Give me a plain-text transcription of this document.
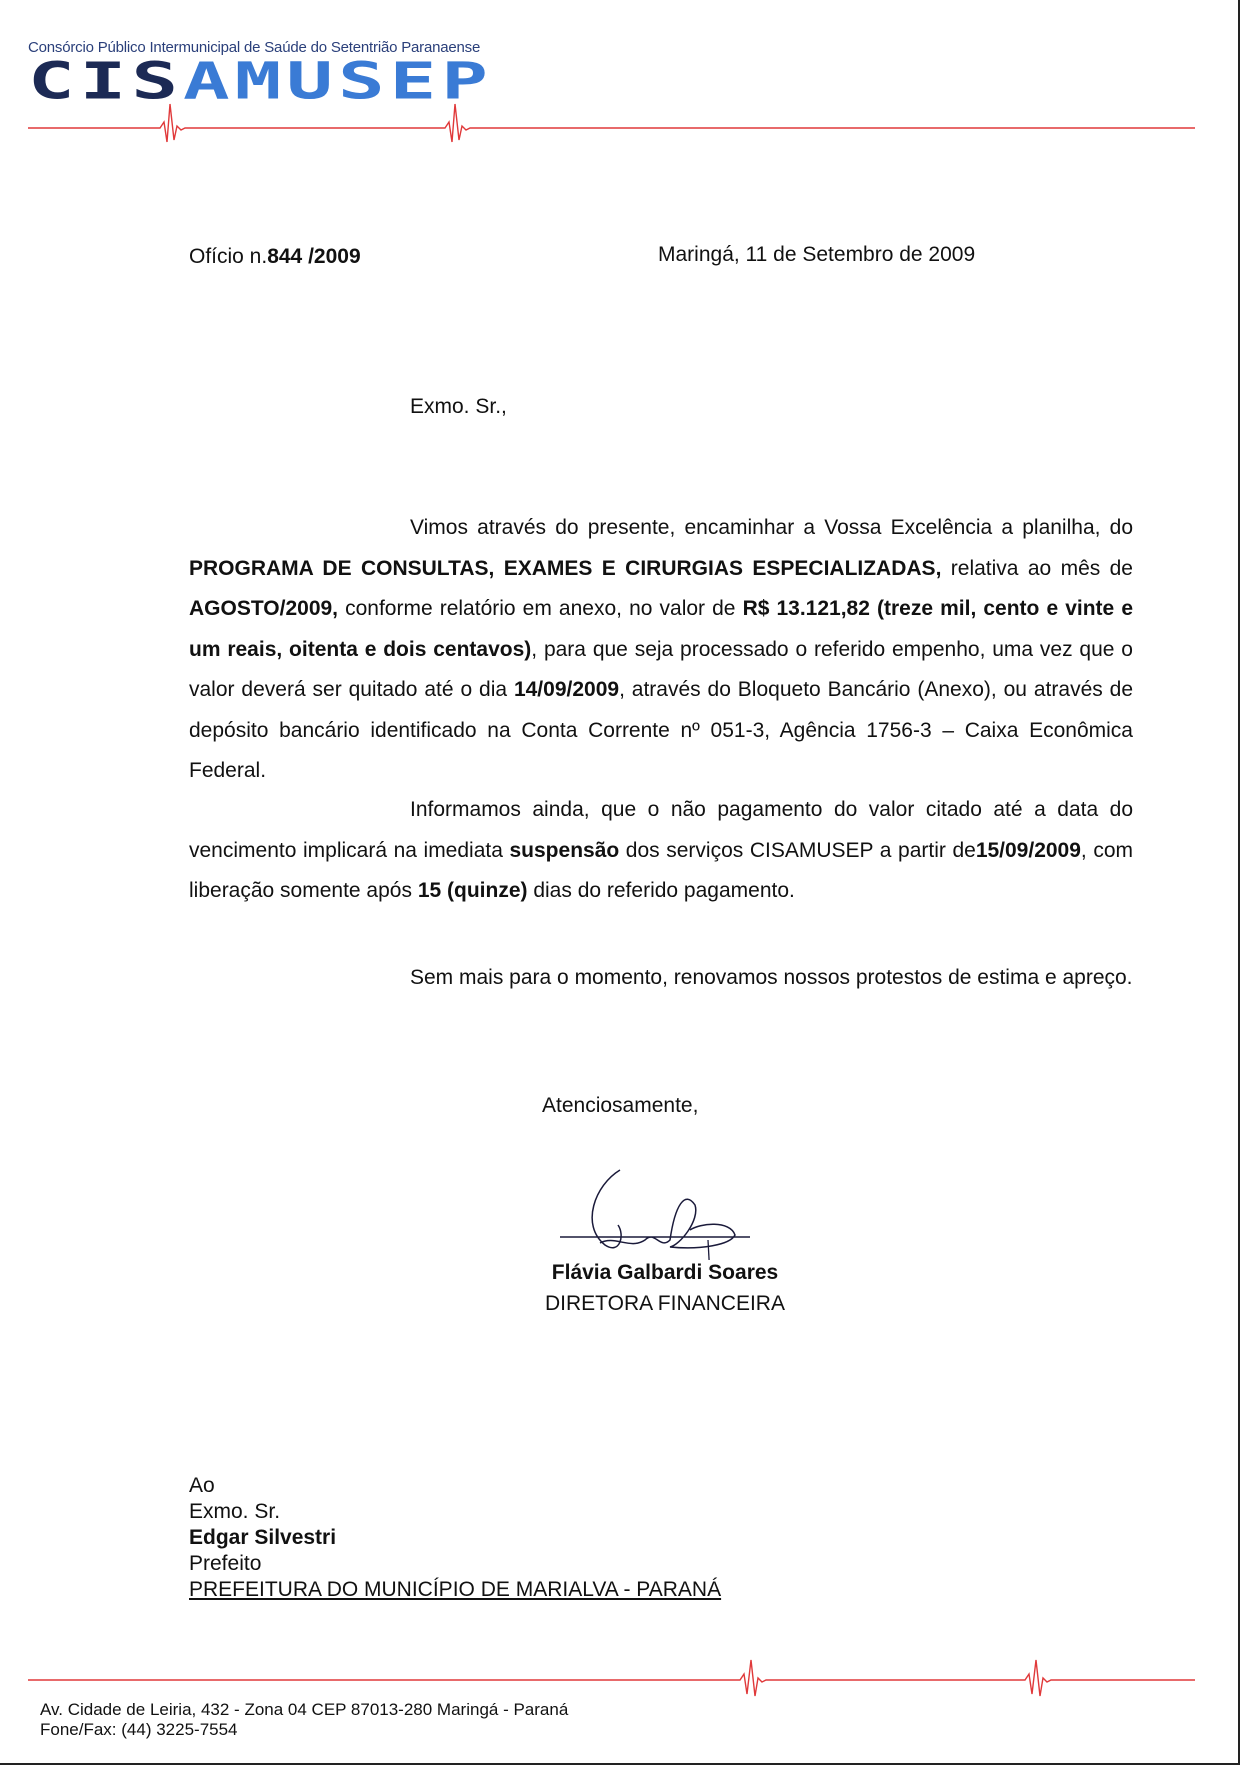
Consórcio Público Intermunicipal de Saúde do Setentrião Paranaense
CISAMUSEP
Ofício n.844 /2009	Maringá, 11 de Setembro de 2009
Exmo. Sr.,
Vimos através do presente, encaminhar a Vossa Excelência a planilha, do PROGRAMA DE CONSULTAS, EXAMES E CIRURGIAS ESPECIALIZADAS, relativa ao mês de AGOSTO/2009, conforme relatório em anexo, no valor de R$ 13.121,82 (treze mil, cento e vinte e um reais, oitenta e dois centavos), para que seja processado o referido empenho, uma vez que o valor deverá ser quitado até o dia 14/09/2009, através do Bloqueto Bancário (Anexo), ou através de depósito bancário identificado na Conta Corrente nº 051-3, Agência 1756-3 – Caixa Econômica Federal.
Informamos ainda, que o não pagamento do valor citado até a data do vencimento implicará na imediata suspensão dos serviços CISAMUSEP a partir de15/09/2009, com liberação somente após 15 (quinze) dias do referido pagamento.
Sem mais para o momento, renovamos nossos protestos de estima e apreço.
Atenciosamente,
Flávia Galbardi Soares
DIRETORA FINANCEIRA
Ao
Exmo. Sr.
Edgar Silvestri
Prefeito
PREFEITURA DO MUNICÍPIO DE MARIALVA - PARANÁ
Av. Cidade de Leiria, 432 - Zona 04 CEP 87013-280 Maringá - Paraná
Fone/Fax: (44) 3225-7554
